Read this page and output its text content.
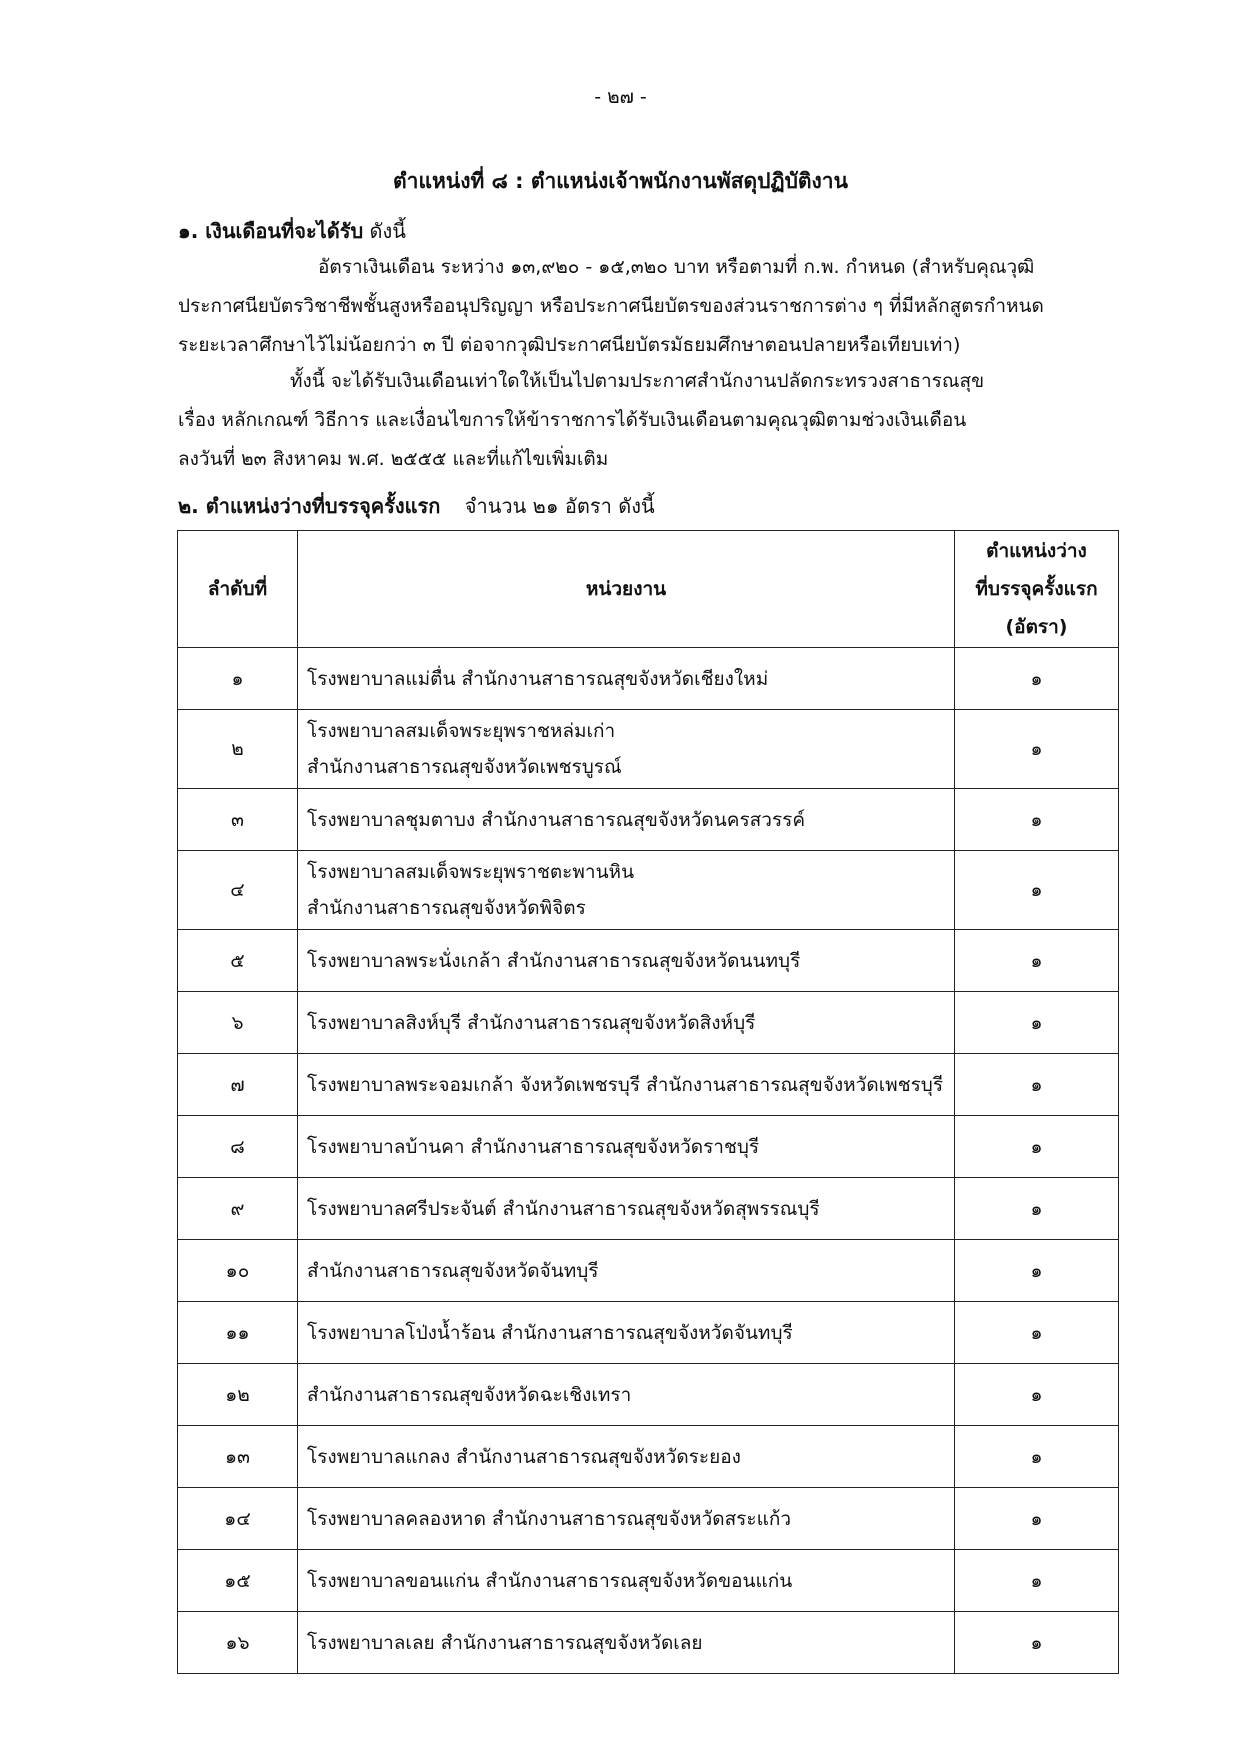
- ๒๗ -
ตำแหน่งที่ ๘ : ตำแหน่งเจ้าพนักงานพัสดุปฏิบัติงาน
๑. เงินเดือนที่จะได้รับ ดังนี้
อัตราเงินเดือน ระหว่าง ๑๓,๙๒๐ - ๑๕,๓๒๐ บาท หรือตามที่ ก.พ. กำหนด (สำหรับคุณวุฒิ
ประกาศนียบัตรวิชาชีพชั้นสูงหรืออนุปริญญา หรือประกาศนียบัตรของส่วนราชการต่าง ๆ ที่มีหลักสูตรกำหนด
ระยะเวลาศึกษาไว้ไม่น้อยกว่า ๓ ปี ต่อจากวุฒิประกาศนียบัตรมัธยมศึกษาตอนปลายหรือเทียบเท่า)
ทั้งนี้ จะได้รับเงินเดือนเท่าใดให้เป็นไปตามประกาศสำนักงานปลัดกระทรวงสาธารณสุข
เรื่อง หลักเกณฑ์ วิธีการ และเงื่อนไขการให้ข้าราชการได้รับเงินเดือนตามคุณวุฒิตามช่วงเงินเดือน
ลงวันที่ ๒๓ สิงหาคม พ.ศ. ๒๕๕๕ และที่แก้ไขเพิ่มเติม
๒. ตำแหน่งว่างที่บรรจุครั้งแรก จำนวน ๒๑ อัตรา ดังนี้
ลำดับที่	หน่วยงาน	ตำแหน่งว่าง
ที่บรรจุครั้งแรก
(อัตรา)

๑	โรงพยาบาลแม่ตื่น สำนักงานสาธารณสุขจังหวัดเชียงใหม่	๑
๒	โรงพยาบาลสมเด็จพระยุพราชหล่มเก่า
สำนักงานสาธารณสุขจังหวัดเพชรบูรณ์	๑
๓	โรงพยาบาลชุมตาบง สำนักงานสาธารณสุขจังหวัดนครสวรรค์	๑
๔	โรงพยาบาลสมเด็จพระยุพราชตะพานหิน
สำนักงานสาธารณสุขจังหวัดพิจิตร	๑
๕	โรงพยาบาลพระนั่งเกล้า สำนักงานสาธารณสุขจังหวัดนนทบุรี	๑
๖	โรงพยาบาลสิงห์บุรี สำนักงานสาธารณสุขจังหวัดสิงห์บุรี	๑
๗	โรงพยาบาลพระจอมเกล้า จังหวัดเพชรบุรี สำนักงานสาธารณสุขจังหวัดเพชรบุรี	๑
๘	โรงพยาบาลบ้านคา สำนักงานสาธารณสุขจังหวัดราชบุรี	๑
๙	โรงพยาบาลศรีประจันต์ สำนักงานสาธารณสุขจังหวัดสุพรรณบุรี	๑
๑๐	สำนักงานสาธารณสุขจังหวัดจันทบุรี	๑
๑๑	โรงพยาบาลโป่งน้ำร้อน สำนักงานสาธารณสุขจังหวัดจันทบุรี	๑
๑๒	สำนักงานสาธารณสุขจังหวัดฉะเชิงเทรา	๑
๑๓	โรงพยาบาลแกลง สำนักงานสาธารณสุขจังหวัดระยอง	๑
๑๔	โรงพยาบาลคลองหาด สำนักงานสาธารณสุขจังหวัดสระแก้ว	๑
๑๕	โรงพยาบาลขอนแก่น สำนักงานสาธารณสุขจังหวัดขอนแก่น	๑
๑๖	โรงพยาบาลเลย สำนักงานสาธารณสุขจังหวัดเลย	๑
